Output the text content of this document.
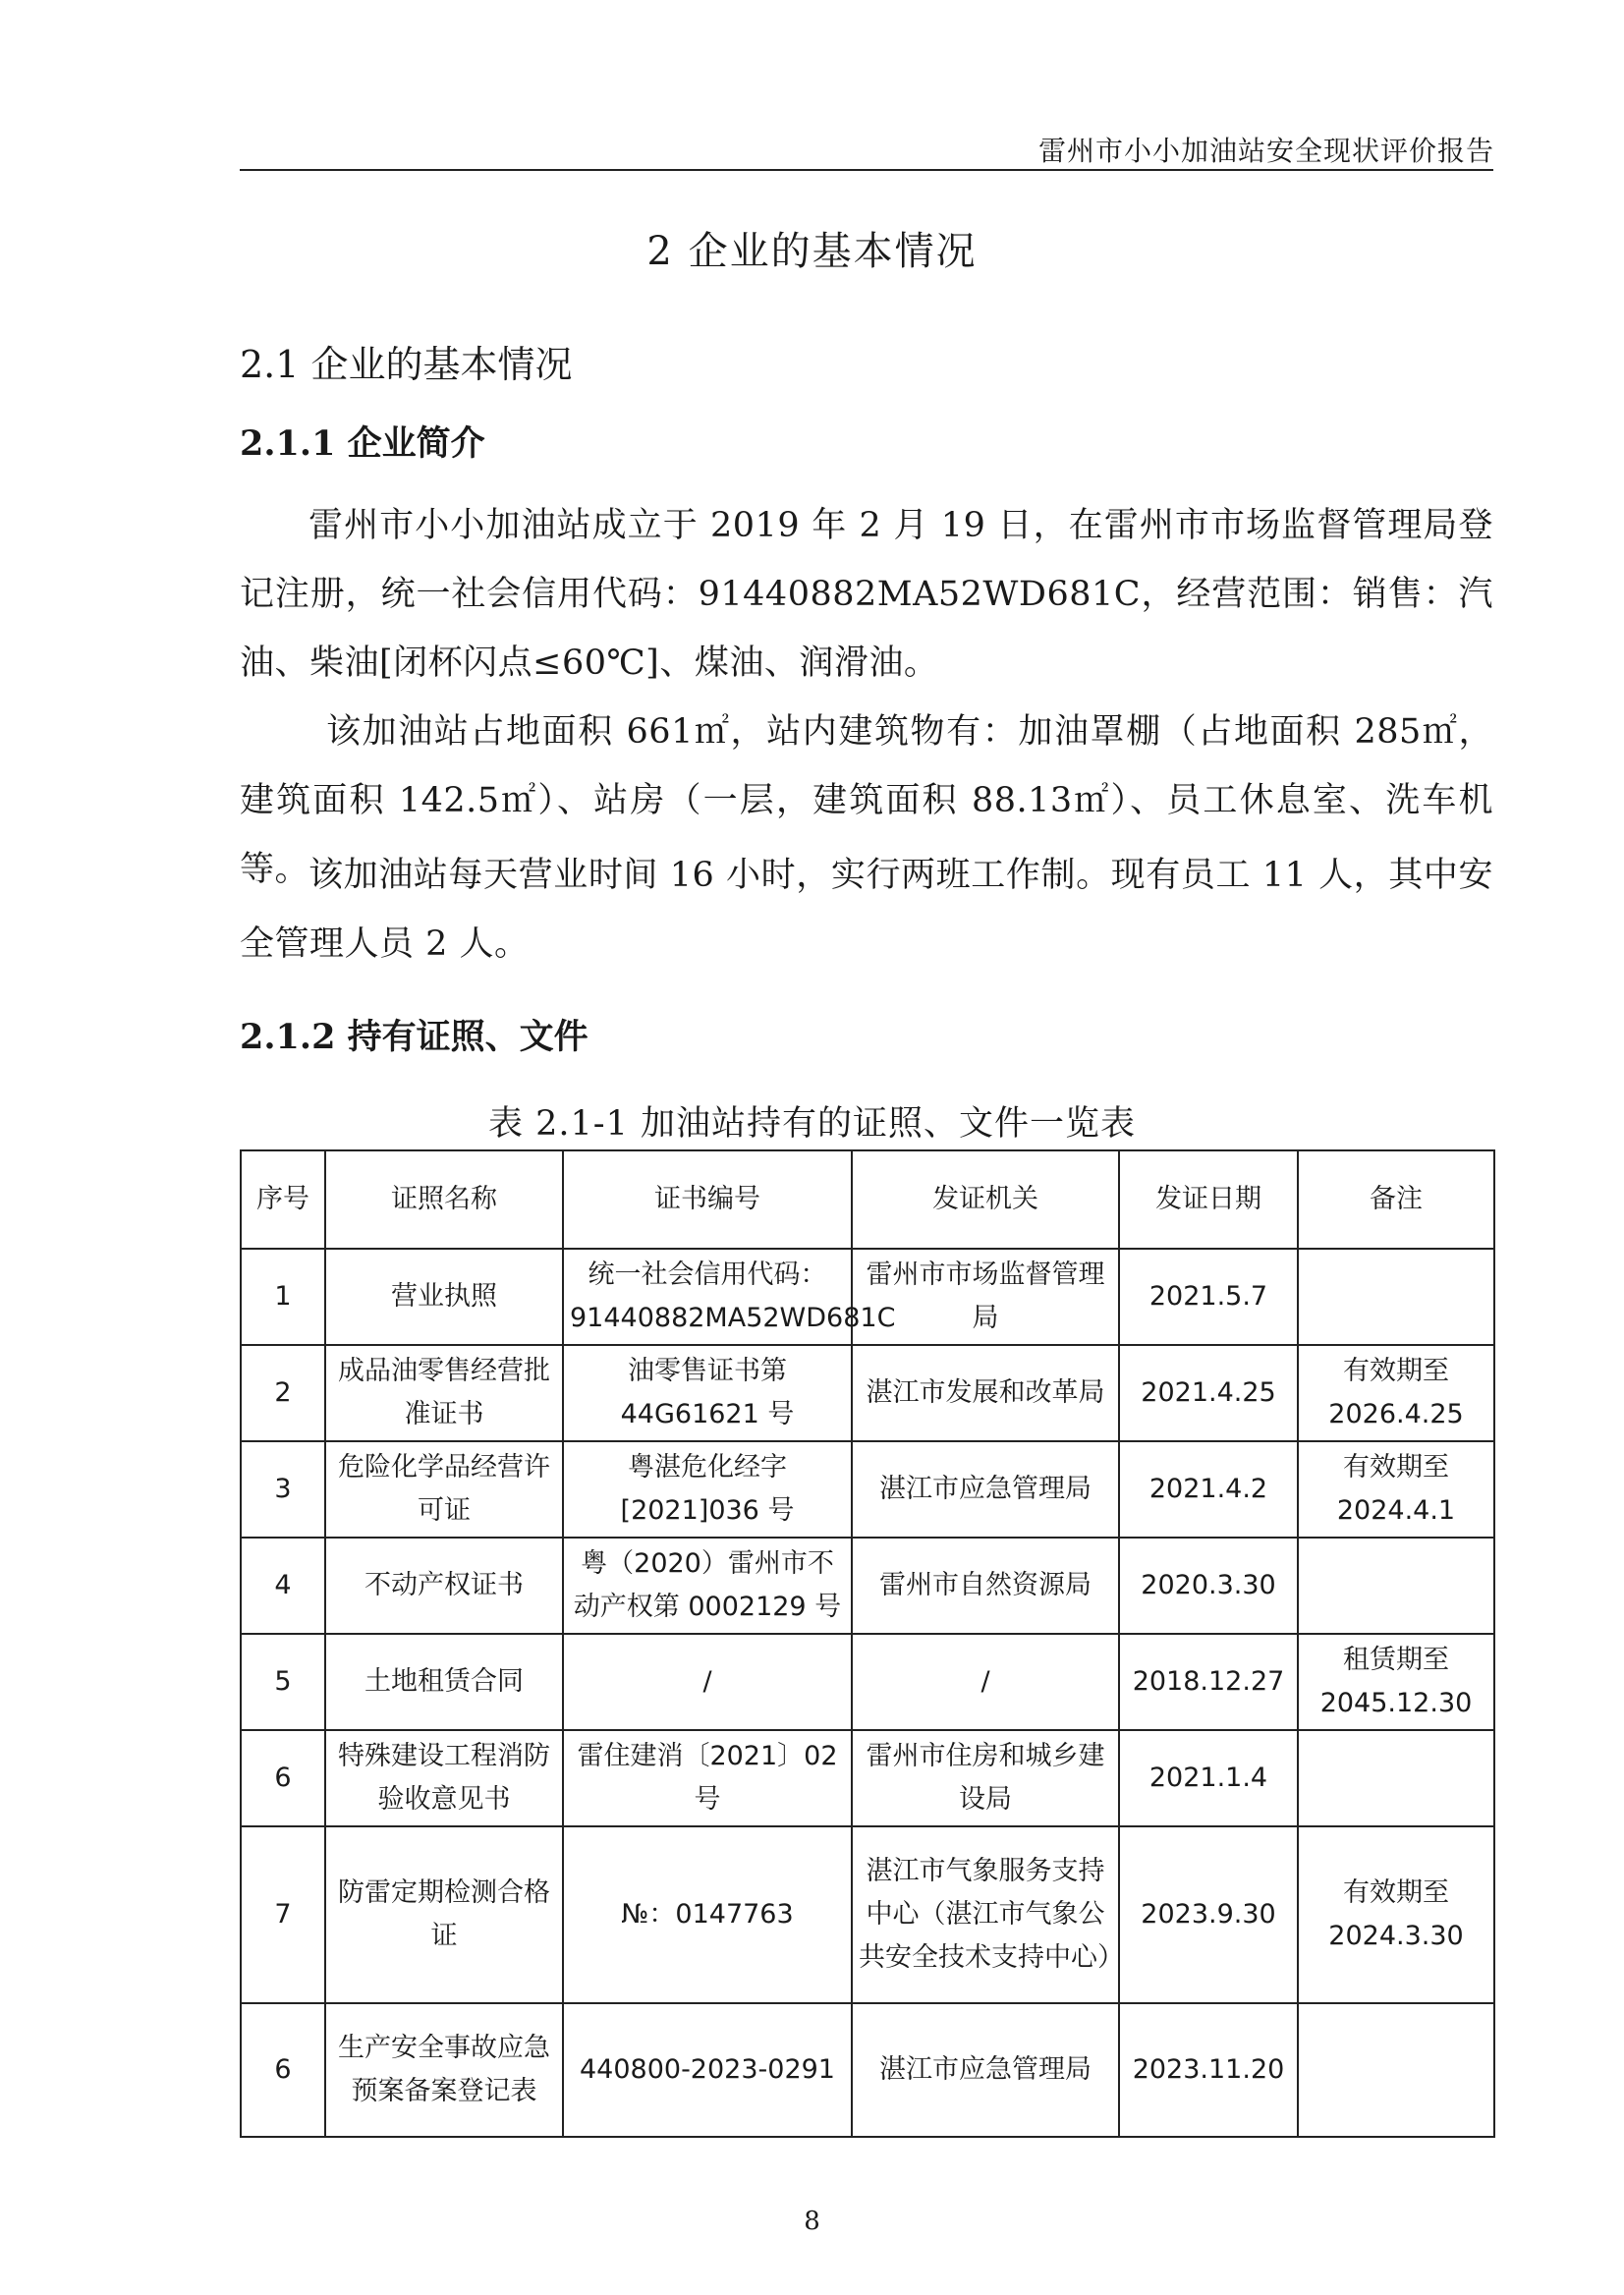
雷州市小小加油站安全现状评价报告
2 企业的基本情况
2.1 企业的基本情况
2.1.1 企业简介
雷州市小小加油站成立于 2019 年 2 月 19 日，在雷州市市场监督管理局登记注册，统一社会信用代码：91440882MA52WD681C，经营范围：销售：汽油、柴油[闭杯闪点≤60℃]、煤油、润滑油。
该加油站占地面积 661㎡，站内建筑物有：加油罩棚（占地面积 285㎡，建筑面积 142.5㎡）、站房（一层，建筑面积 88.13㎡）、员工休息室、洗车机等。
该加油站每天营业时间 16 小时，实行两班工作制。现有员工 11 人，其中安全管理人员 2 人。
2.1.2 持有证照、文件
表 2.1-1 加油站持有的证照、文件一览表
序号	证照名称	证书编号	发证机关	发证日期	备注
1	营业执照	统一社会信用代码：91440882MA52WD681C	雷州市市场监督管理局	2021.5.7	
2	成品油零售经营批准证书	油零售证书第 44G61621 号	湛江市发展和改革局	2021.4.25	有效期至 2026.4.25
3	危险化学品经营许可证	粤湛危化经字[2021]036 号	湛江市应急管理局	2021.4.2	有效期至 2024.4.1
4	不动产权证书	粤（2020）雷州市不动产权第 0002129 号	雷州市自然资源局	2020.3.30	
5	土地租赁合同	/	/	2018.12.27	租赁期至 2045.12.30
6	特殊建设工程消防验收意见书	雷住建消〔2021〕02 号	雷州市住房和城乡建设局	2021.1.4	
7	防雷定期检测合格证	№：0147763	湛江市气象服务支持中心（湛江市气象公共安全技术支持中心）	2023.9.30	有效期至 2024.3.30
6	生产安全事故应急预案备案登记表	440800-2023-0291	湛江市应急管理局	2023.11.20	
8
